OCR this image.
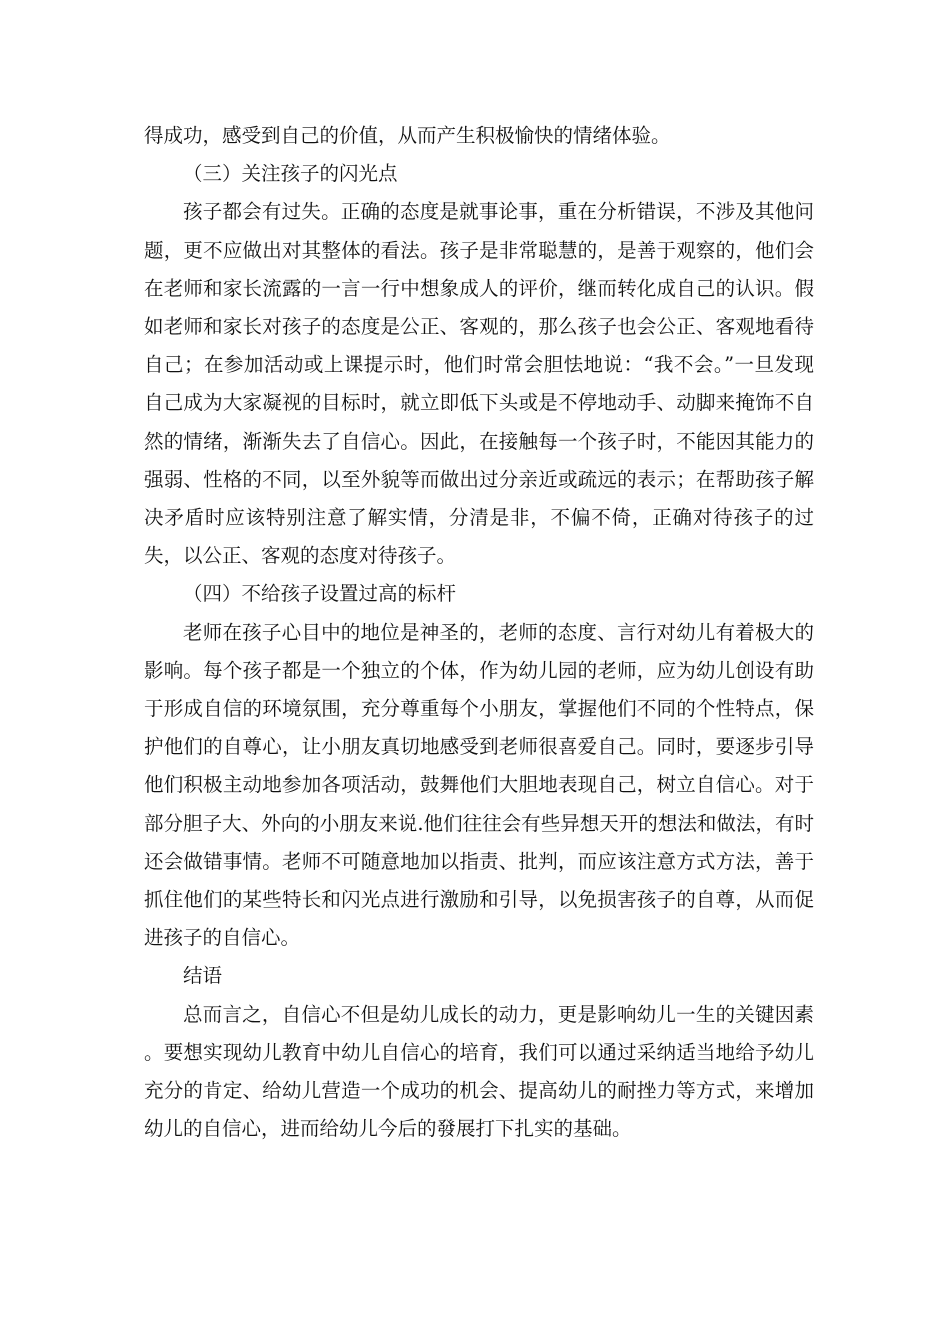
得成功，感受到自己的价值，从而产生积极愉快的情绪体验。

（三）关注孩子的闪光点

孩子都会有过失。正确的态度是就事论事，重在分析错误，不涉及其他问题，更不应做出对其整体的看法。孩子是非常聪慧的，是善于观察的，他们会在老师和家长流露的一言一行中想象成人的评价，继而转化成自己的认识。假如老师和家长对孩子的态度是公正、客观的，那么孩子也会公正、客观地看待自己；在参加活动或上课提示时，他们时常会胆怯地说：“我不会。”一旦发现自己成为大家凝视的目标时，就立即低下头或是不停地动手、动脚来掩饰不自然的情绪，渐渐失去了自信心。因此，在接触每一个孩子时，不能因其能力的强弱、性格的不同，以至外貌等而做出过分亲近或疏远的表示；在帮助孩子解决矛盾时应该特别注意了解实情，分清是非，不偏不倚，正确对待孩子的过失，以公正、客观的态度对待孩子。

（四）不给孩子设置过高的标杆

老师在孩子心目中的地位是神圣的，老师的态度、言行对幼儿有着极大的影响。每个孩子都是一个独立的个体，作为幼儿园的老师，应为幼儿创设有助于形成自信的环境氛围，充分尊重每个小朋友，掌握他们不同的个性特点，保护他们的自尊心，让小朋友真切地感受到老师很喜爱自己。同时，要逐步引导他们积极主动地参加各项活动，鼓舞他们大胆地表现自己，树立自信心。对于部分胆子大、外向的小朋友来说.他们往往会有些异想天开的想法和做法，有时还会做错事情。老师不可随意地加以指责、批判，而应该注意方式方法，善于抓住他们的某些特长和闪光点进行激励和引导，以免损害孩子的自尊，从而促进孩子的自信心。

结语

总而言之，自信心不但是幼儿成长的动力，更是影响幼儿一生的关键因素 。要想实现幼儿教育中幼儿自信心的培育，我们可以通过采纳适当地给予幼儿充分的肯定、给幼儿营造一个成功的机会、提高幼儿的耐挫力等方式，来增加幼儿的自信心，进而给幼儿今后的發展打下扎实的基础。
